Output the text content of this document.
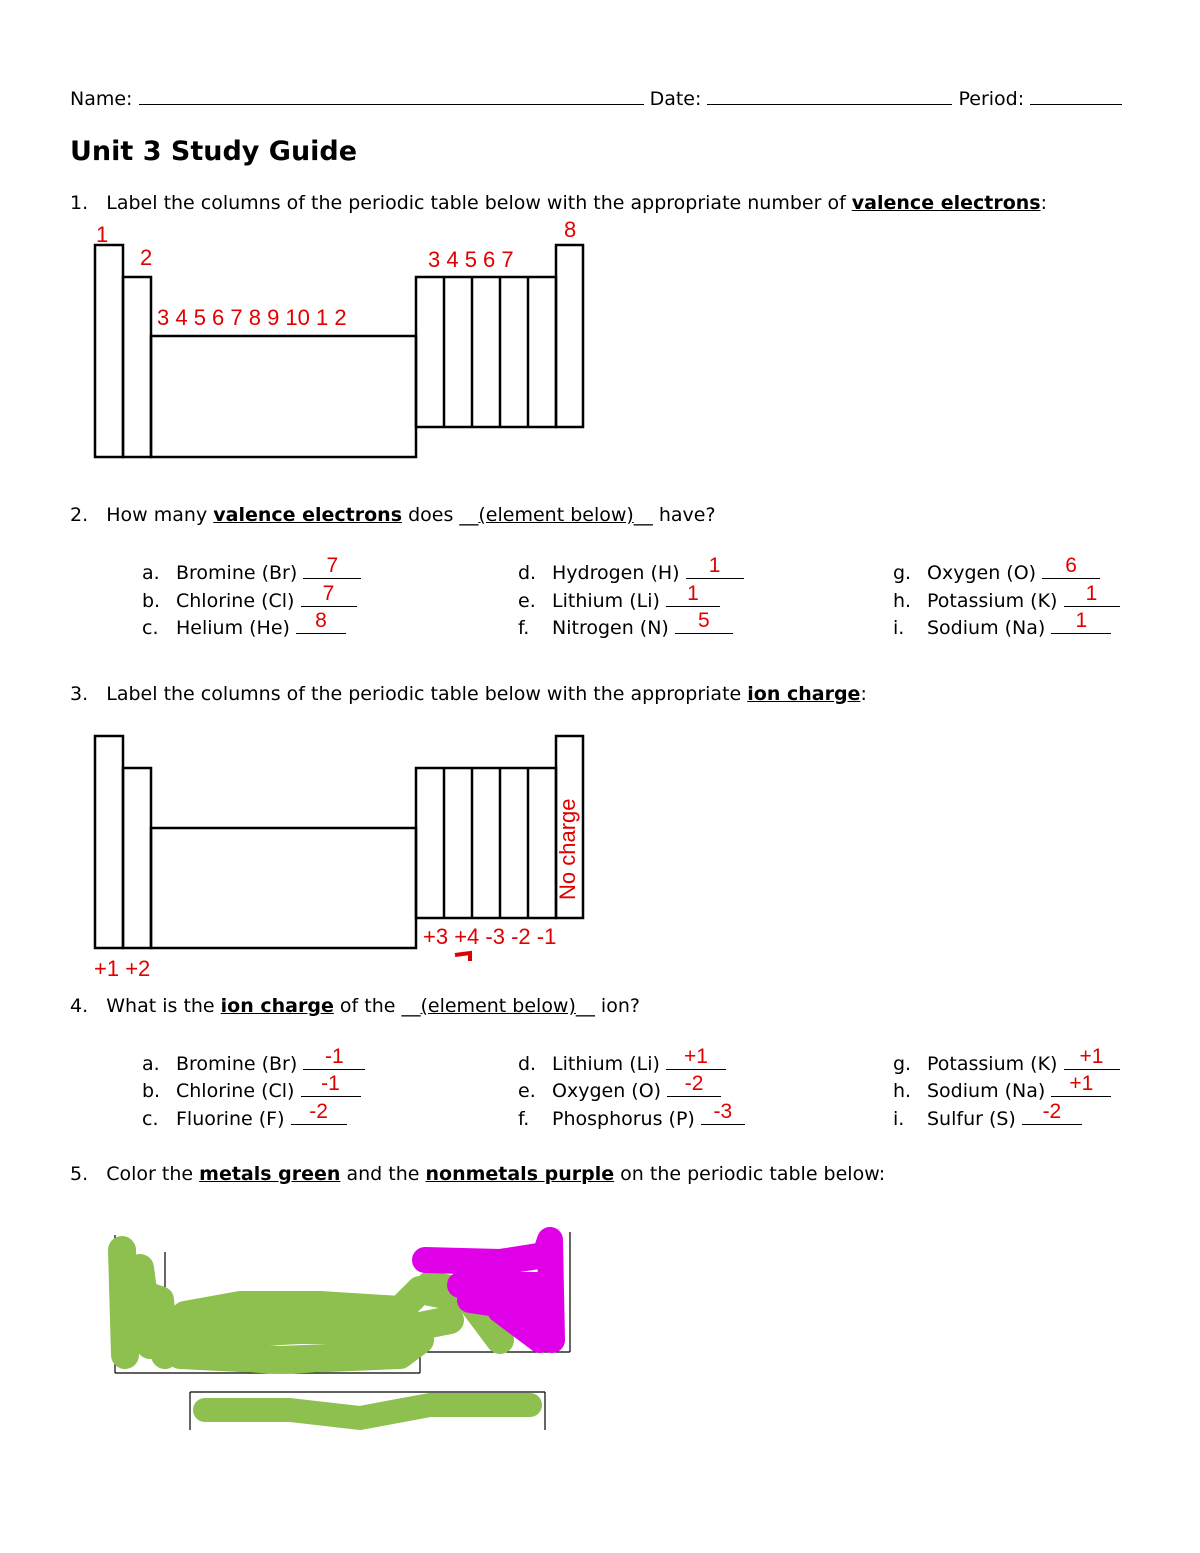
Name:	Date:	Period:
Unit 3 Study Guide
1. Label the columns of the periodic table below with the appropriate number of valence electrons:
1
2
3 4 5 6 7 8 9 10 1 2
3 4 5 6 7
8
2. How many valence electrons does __(element below)__ have?
a. Bromine (Br)	7
b. Chlorine (Cl)	7
c. Helium (He)	8
d. Hydrogen (H)	1
e. Lithium (Li)	1
f. Nitrogen (N)	5
g. Oxygen (O)	6
h. Potassium (K)	1
i. Sodium (Na)	1
3. Label the columns of the periodic table below with the appropriate ion charge:
+1 +2
+3 +4 -3 -2 -1
No charge
4. What is the ion charge of the __(element below)__ ion?
a. Bromine (Br)	-1
b. Chlorine (Cl)	-1
c. Fluorine (F)	-2
d. Lithium (Li)	+1
e. Oxygen (O)	-2
f. Phosphorus (P) -3
g. Potassium (K)	+1
h. Sodium (Na)	+1
i. Sulfur (S)	-2
5. Color the metals green and the nonmetals purple on the periodic table below:
